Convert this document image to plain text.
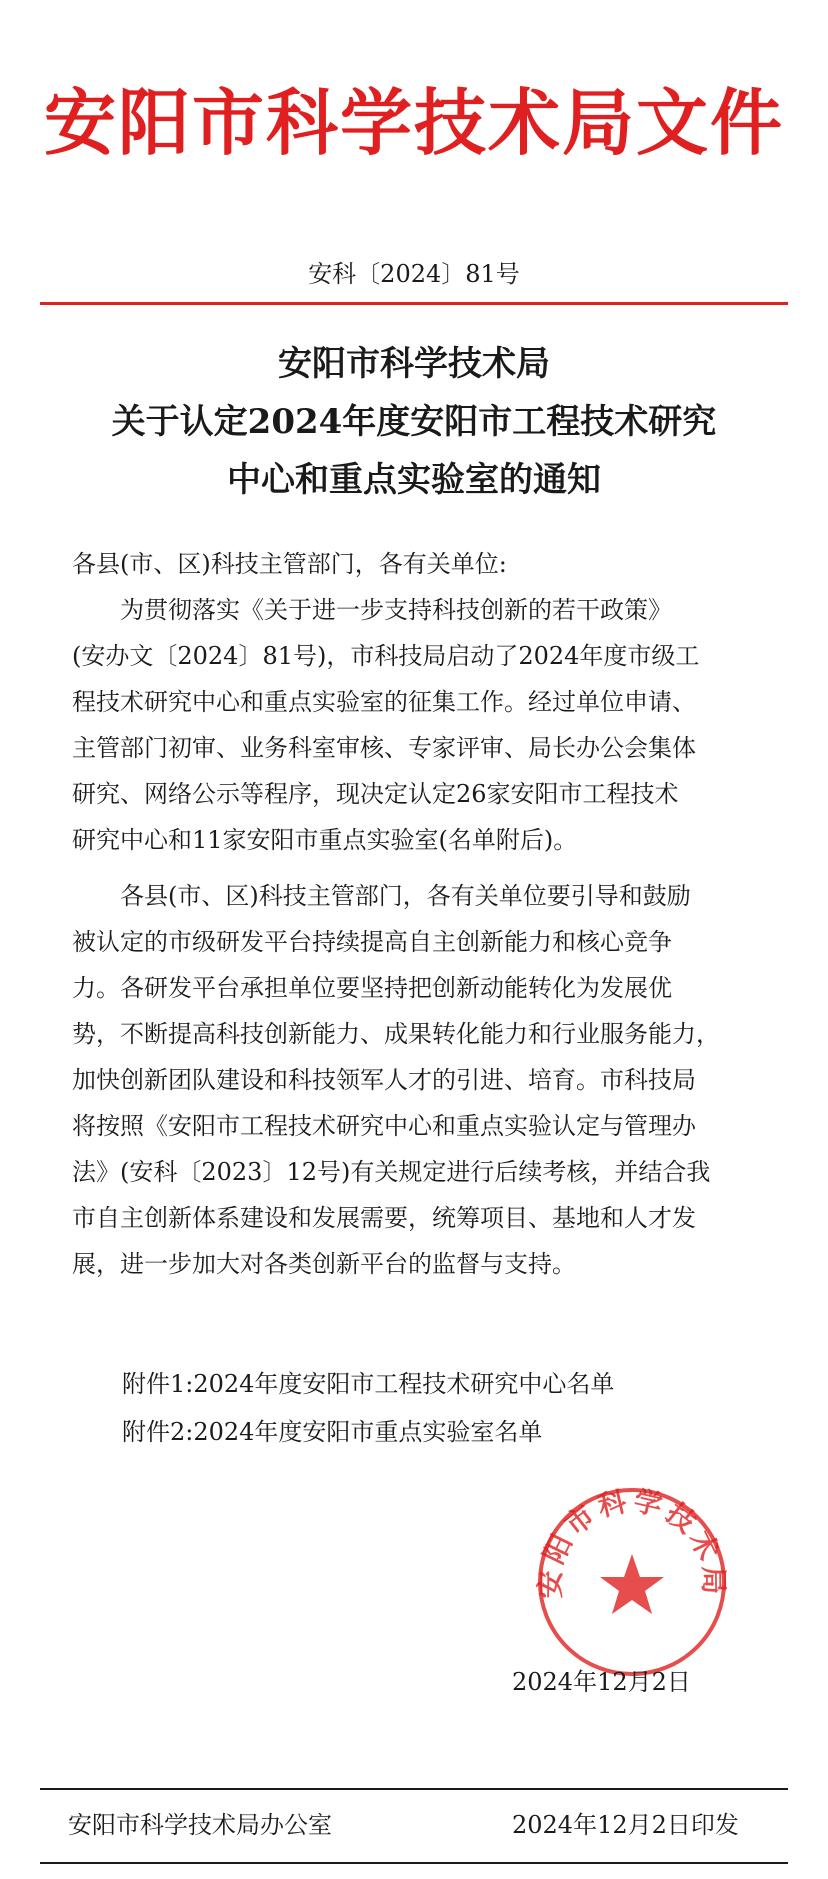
安阳市科学技术局文件
安科〔2024〕81号
安阳市科学技术局
关于认定2024年度安阳市工程技术研究
中心和重点实验室的通知
各县(市、区)科技主管部门，各有关单位:
　　为贯彻落实《关于进一步支持科技创新的若干政策》
(安办文〔2024〕81号)，市科技局启动了2024年度市级工
程技术研究中心和重点实验室的征集工作。经过单位申请、
主管部门初审、业务科室审核、专家评审、局长办公会集体
研究、网络公示等程序，现决定认定26家安阳市工程技术
研究中心和11家安阳市重点实验室(名单附后)。
　　各县(市、区)科技主管部门，各有关单位要引导和鼓励
被认定的市级研发平台持续提高自主创新能力和核心竞争
力。各研发平台承担单位要坚持把创新动能转化为发展优
势，不断提高科技创新能力、成果转化能力和行业服务能力，
加快创新团队建设和科技领军人才的引进、培育。市科技局
将按照《安阳市工程技术研究中心和重点实验认定与管理办
法》(安科〔2023〕12号)有关规定进行后续考核，并结合我
市自主创新体系建设和发展需要，统筹项目、基地和人才发
展，进一步加大对各类创新平台的监督与支持。
附件1:2024年度安阳市工程技术研究中心名单
附件2:2024年度安阳市重点实验室名单
安阳市科学技术局
2024年12月2日
安阳市科学技术局办公室	2024年12月2日印发
